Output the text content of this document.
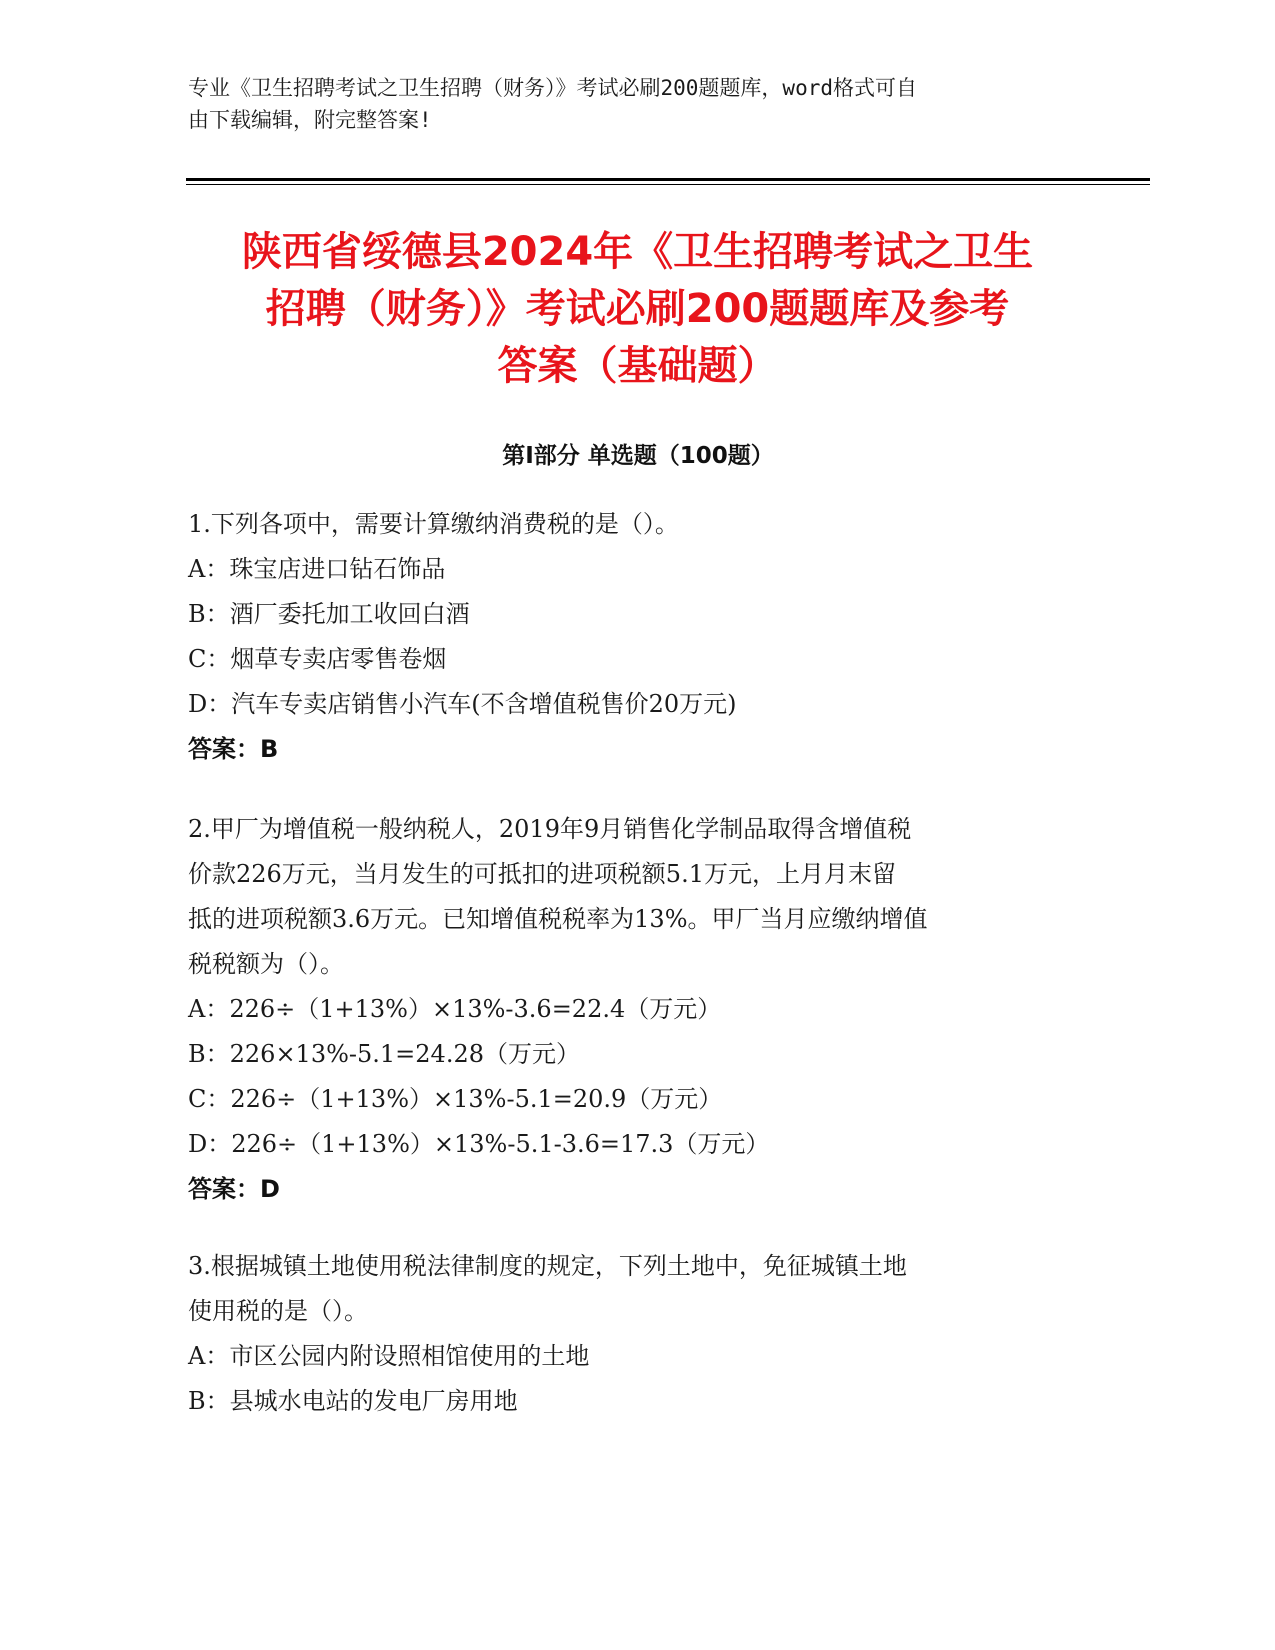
专业《卫生招聘考试之卫生招聘（财务）》考试必刷200题题库，word格式可自
由下载编辑，附完整答案!
陕西省绥德县2024年《卫生招聘考试之卫生
招聘（财务）》考试必刷200题题库及参考
答案（基础题）
第Ⅰ部分 单选题（100题）
1.下列各项中，需要计算缴纳消费税的是（）。
A：珠宝店进口钻石饰品
B：酒厂委托加工收回白酒
C：烟草专卖店零售卷烟
D：汽车专卖店销售小汽车(不含增值税售价20万元)
答案：B
2.甲厂为增值税一般纳税人，2019年9月销售化学制品取得含增值税
价款226万元，当月发生的可抵扣的进项税额5.1万元，上月月末留
抵的进项税额3.6万元。已知增值税税率为13%。甲厂当月应缴纳增值
税税额为（）。
A：226÷（1+13%）×13%-3.6=22.4（万元）
B：226×13%-5.1=24.28（万元）
C：226÷（1+13%）×13%-5.1=20.9（万元）
D：226÷（1+13%）×13%-5.1-3.6=17.3（万元）
答案：D
3.根据城镇土地使用税法律制度的规定，下列土地中，免征城镇土地
使用税的是（）。
A：市区公园内附设照相馆使用的土地
B：县城水电站的发电厂房用地
